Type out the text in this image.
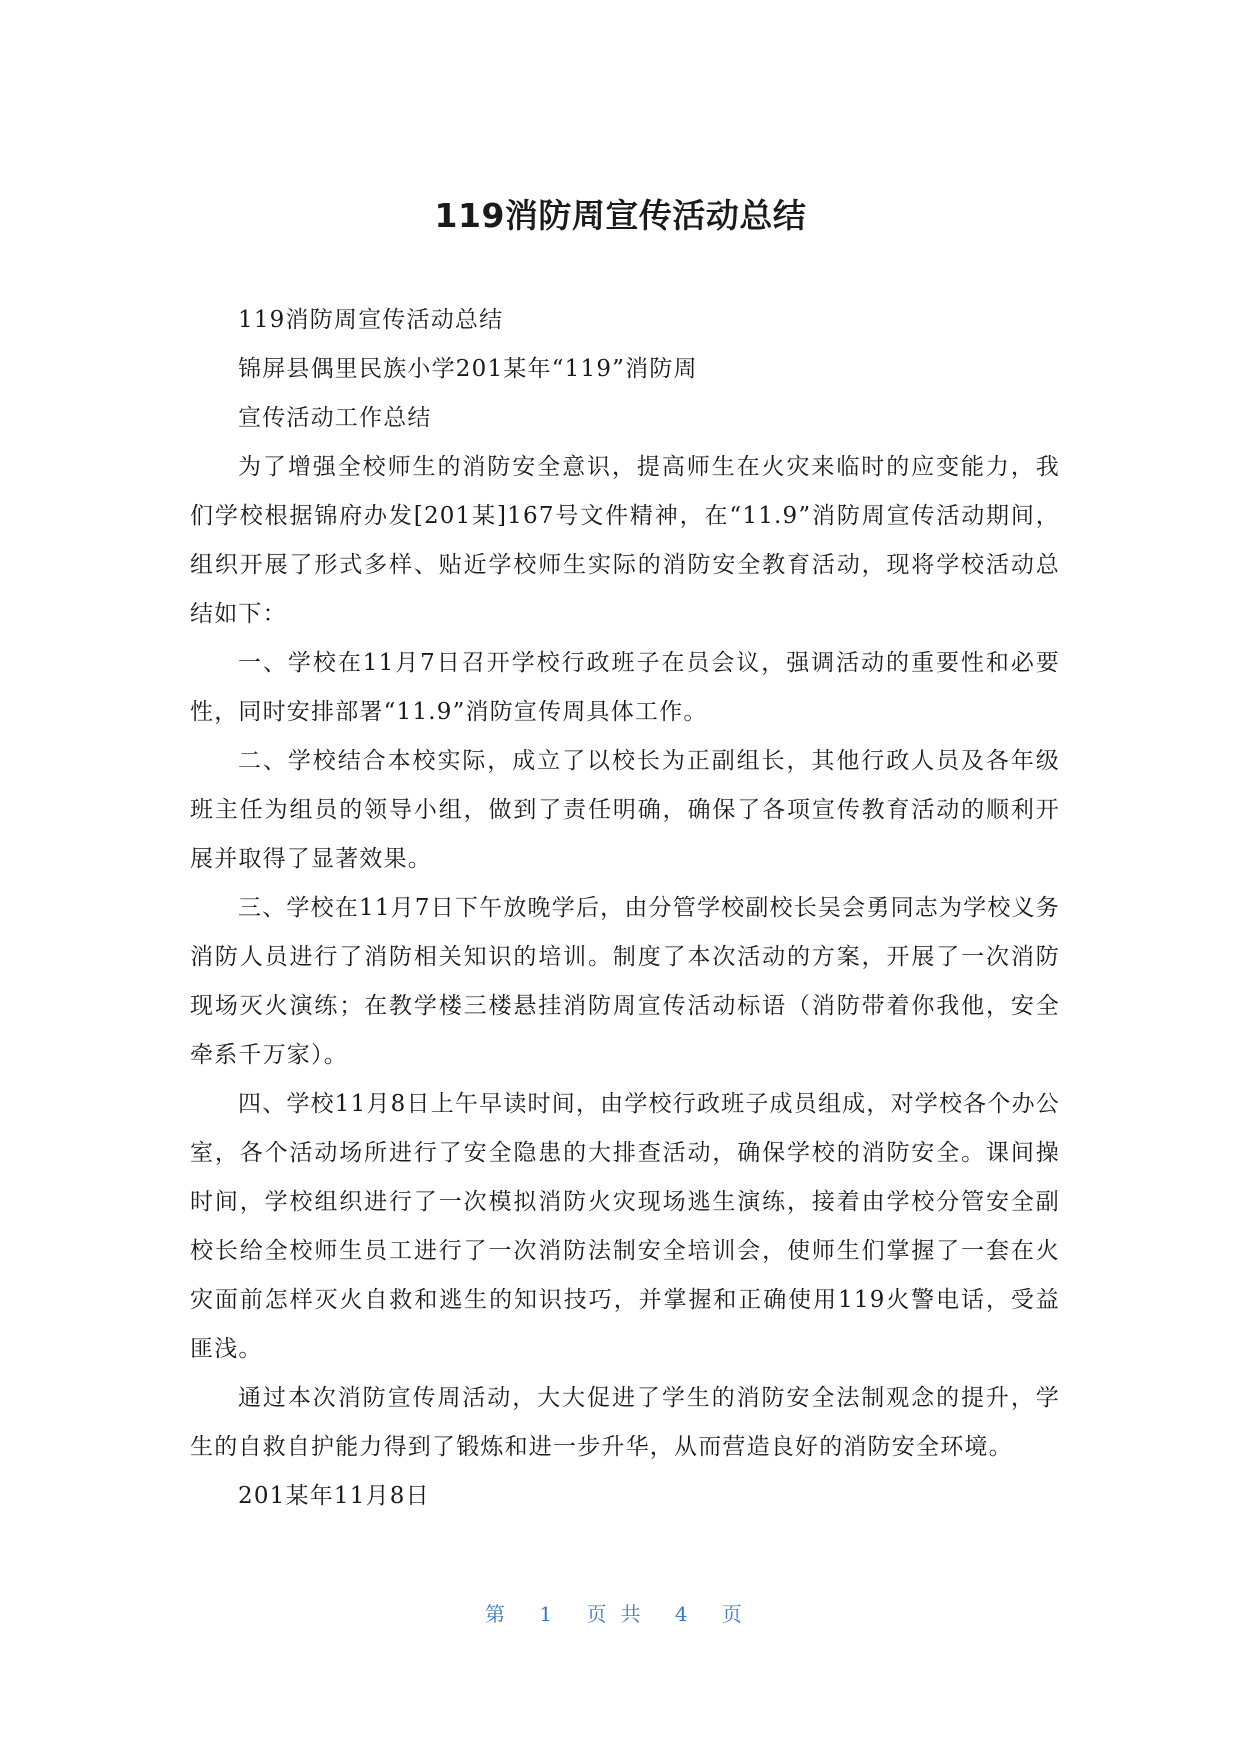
119消防周宣传活动总结

119消防周宣传活动总结

锦屏县偶里民族小学201某年“119”消防周

宣传活动工作总结

为了增强全校师生的消防安全意识，提高师生在火灾来临时的应变能力，我们学校根据锦府办发[201某]167号文件精神，在“11.9”消防周宣传活动期间，组织开展了形式多样、贴近学校师生实际的消防安全教育活动，现将学校活动总结如下：

一、学校在11月7日召开学校行政班子在员会议，强调活动的重要性和必要性，同时安排部署“11.9”消防宣传周具体工作。

二、学校结合本校实际，成立了以校长为正副组长，其他行政人员及各年级班主任为组员的领导小组，做到了责任明确，确保了各项宣传教育活动的顺利开展并取得了显著效果。

三、学校在11月7日下午放晚学后，由分管学校副校长吴会勇同志为学校义务消防人员进行了消防相关知识的培训。制度了本次活动的方案，开展了一次消防现场灭火演练；在教学楼三楼悬挂消防周宣传活动标语（消防带着你我他，安全牵系千万家）。

四、学校11月8日上午早读时间，由学校行政班子成员组成，对学校各个办公室，各个活动场所进行了安全隐患的大排查活动，确保学校的消防安全。课间操时间，学校组织进行了一次模拟消防火灾现场逃生演练，接着由学校分管安全副校长给全校师生员工进行了一次消防法制安全培训会，使师生们掌握了一套在火灾面前怎样灭火自救和逃生的知识技巧，并掌握和正确使用119火警电话，受益匪浅。

通过本次消防宣传周活动，大大促进了学生的消防安全法制观念的提升，学生的自救自护能力得到了锻炼和进一步升华，从而营造良好的消防安全环境。

201某年11月8日

第 1 页共 4 页
